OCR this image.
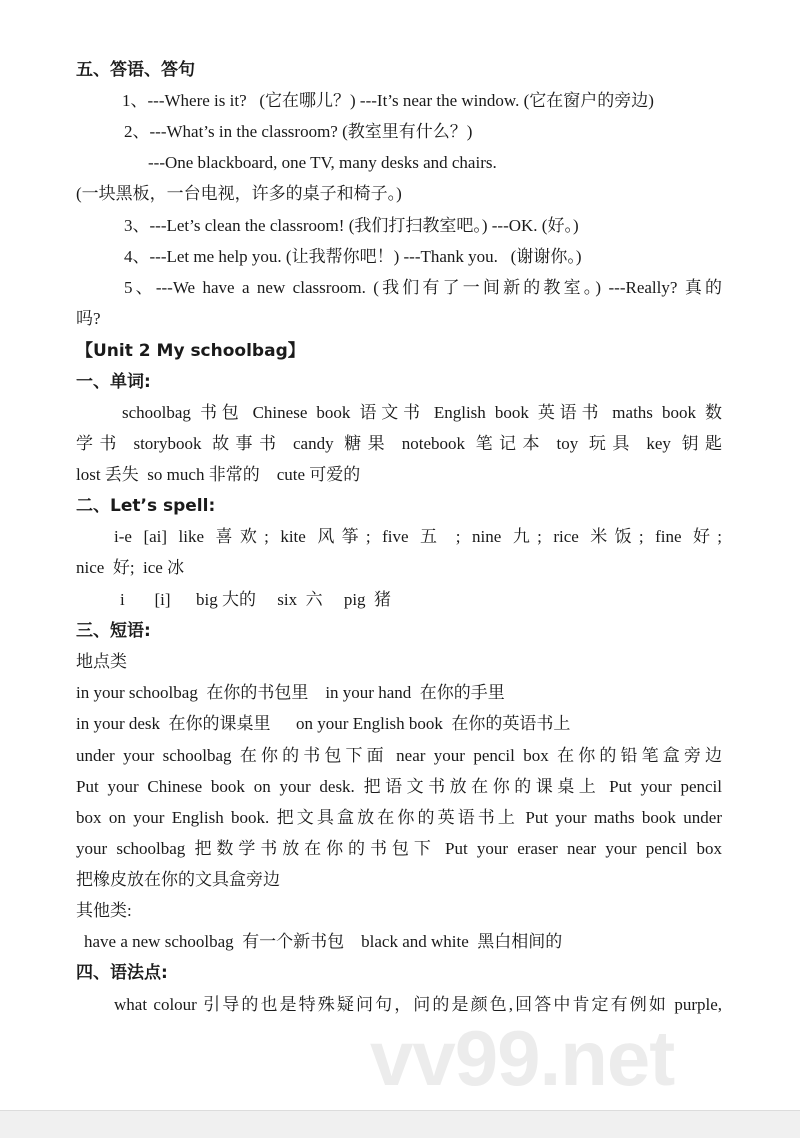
五、答语、答句
1、---Where is it?   (它在哪儿？) ---It’s near the window. (它在窗户的旁边)
2、---What’s in the classroom? (教室里有什么？)
---One blackboard, one TV, many desks and chairs.
(一块黑板，一台电视，许多的桌子和椅子。)
3、---Let’s clean the classroom! (我们打扫教室吧。) ---OK. (好。)
4、---Let me help you. (让我帮你吧！) ---Thank you.   (谢谢你。)
5、---We have a new classroom. (我们有了一间新的教室。) ---Really? 真的
吗?
【Unit 2 My schoolbag】
一、单词:
schoolbag 书包 Chinese book 语文书 English book 英语书 maths book 数
学书 storybook 故事书 candy 糖果 notebook 笔记本 toy 玩具 key 钥匙
lost 丢失  so much 非常的    cute 可爱的
二、Let’s spell:
i-e [ai] like 喜欢; kite 风筝; five 五 ; nine 九; rice 米饭; fine 好;
nice  好;  ice 冰
i       [i]      big 大的     six  六     pig  猪
三、短语:
地点类
in your schoolbag  在你的书包里    in your hand  在你的手里
in your desk  在你的课桌里      on your English book  在你的英语书上
under your schoolbag 在你的书包下面 near your pencil box 在你的铅笔盒旁边
Put your Chinese book on your desk. 把语文书放在你的课桌上 Put your pencil
box on your English book. 把文具盒放在你的英语书上 Put your maths book under
your schoolbag 把数学书放在你的书包下 Put your eraser near your pencil box
把橡皮放在你的文具盒旁边
其他类:
have a new schoolbag  有一个新书包    black and white  黑白相间的
四、语法点:
what colour 引导的也是特殊疑问句，问的是颜色,回答中肯定有例如 purple,
vv99.net
